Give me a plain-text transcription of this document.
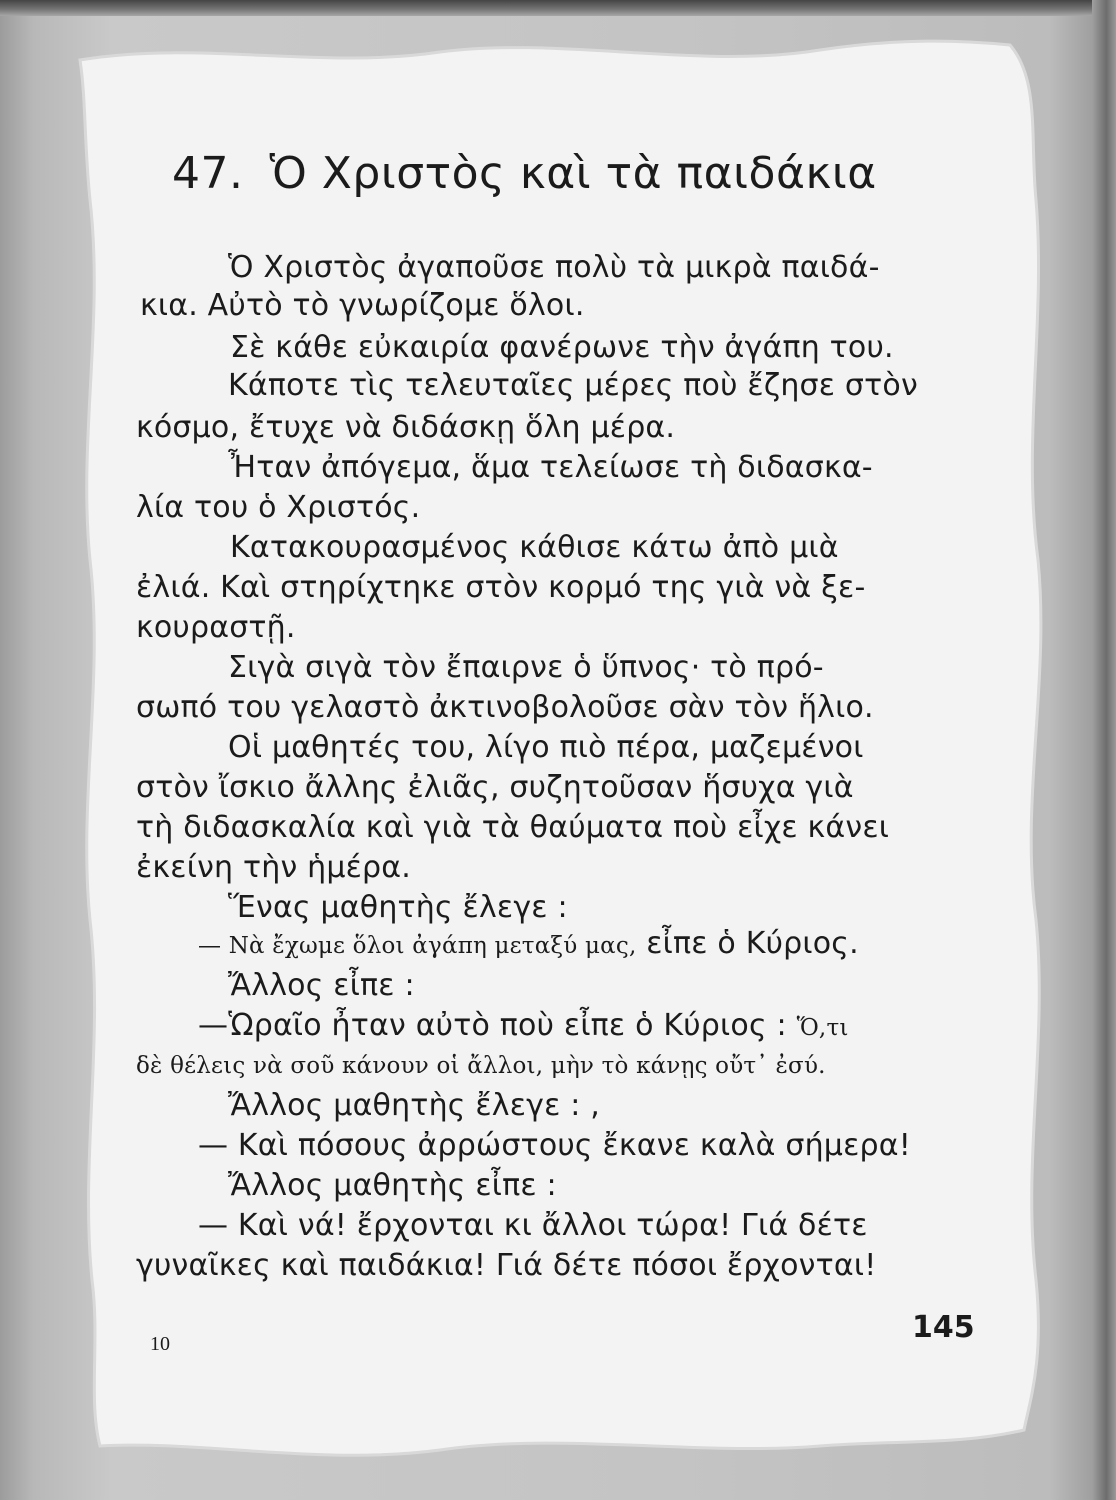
47. Ὁ Χριστὸς καὶ τὰ παιδάκια
Ὁ Χριστὸς ἀγαποῦσε πολὺ τὰ μικρὰ παιδά-
κια. Αὐτὸ τὸ γνωρίζομε ὅλοι.
Σὲ κάθε εὐκαιρία φανέρωνε τὴν ἀγάπη του.
Κάποτε τὶς τελευταῖες μέρες ποὺ ἔζησε στὸν
κόσμο, ἔτυχε νὰ διδάσκῃ ὅλη μέρα.
Ἦταν ἀπόγεμα, ἅμα τελείωσε τὴ διδασκα-
λία του ὁ Χριστός.
Κατακουρασμένος κάθισε κάτω ἀπὸ μιὰ
ἐλιά. Καὶ στηρίχτηκε στὸν κορμό της γιὰ νὰ ξε-
κουραστῇ.
Σιγὰ σιγὰ τὸν ἔπαιρνε ὁ ὕπνος· τὸ πρό-
σωπό του γελαστὸ ἀκτινοβολοῦσε σὰν τὸν ἥλιο.
Οἱ μαθητές του, λίγο πιὸ πέρα, μαζεμένοι
στὸν ἴσκιο ἄλλης ἐλιᾶς, συζητοῦσαν ἥσυχα γιὰ
τὴ διδασκαλία καὶ γιὰ τὰ θαύματα ποὺ εἶχε κάνει
ἐκείνη τὴν ἡμέρα.
Ἕνας μαθητὴς ἔλεγε :
— Νὰ ἔχωμε ὅλοι ἀγάπη μεταξύ μας, εἶπε ὁ Κύριος.
Ἄλλος εἶπε :
—Ὡραῖο ἦταν αὐτὸ ποὺ εἶπε ὁ Κύριος : Ὅ,τι
δὲ θέλεις νὰ σοῦ κάνουν οἱ ἄλλοι, μὴν τὸ κάνῃς οὔτ᾽ ἐσύ.
Ἄλλος μαθητὴς ἔλεγε : ,
— Καὶ πόσους ἀρρώστους ἔκανε καλὰ σήμερα!
Ἄλλος μαθητὴς εἶπε :
— Καὶ νά! ἔρχονται κι ἄλλοι τώρα! Γιά δέτε
γυναῖκες καὶ παιδάκια! Γιά δέτε πόσοι ἔρχονται!
10	145
